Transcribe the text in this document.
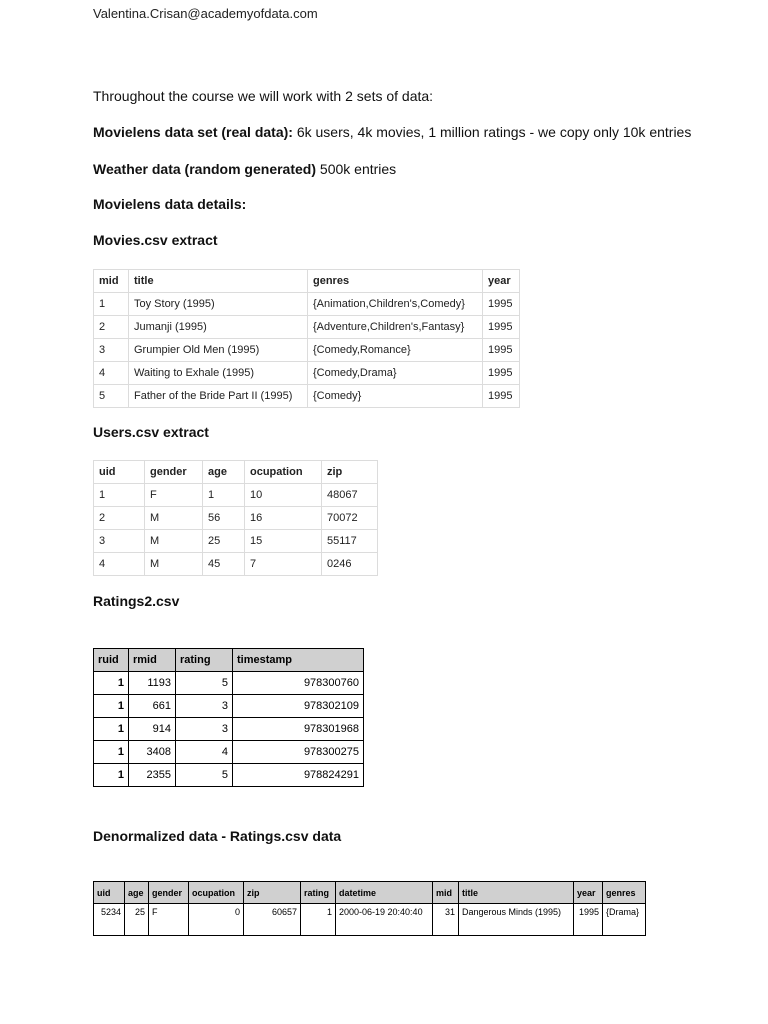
Valentina.Crisan@academyofdata.com
Throughout the course we will work with 2 sets of data:
Movielens data set (real data): 6k users, 4k movies, 1 million ratings - we copy only 10k entries
Weather data (random generated) 500k entries
Movielens data details:
Movies.csv extract
mid	title	genres	year
1	Toy Story (1995)	{Animation,Children's,Comedy}	1995
2	Jumanji (1995)	{Adventure,Children's,Fantasy}	1995
3	Grumpier Old Men (1995)	{Comedy,Romance}	1995
4	Waiting to Exhale (1995)	{Comedy,Drama}	1995
5	Father of the Bride Part II (1995)	{Comedy}	1995
Users.csv extract
uid	gender	age	ocupation	zip
1	F	1	10	48067
2	M	56	16	70072
3	M	25	15	55117
4	M	45	7	0246
Ratings2.csv
ruid	rmid	rating	timestamp
1	1193	5	978300760
1	661	3	978302109
1	914	3	978301968
1	3408	4	978300275
1	2355	5	978824291
Denormalized data - Ratings.csv data
uid	age	gender	ocupation	zip	rating	datetime	mid	title	year	genres
5234	25	F	0	60657	1	2000-06-19 20:40:40	31	Dangerous Minds (1995)	1995	{Drama}
